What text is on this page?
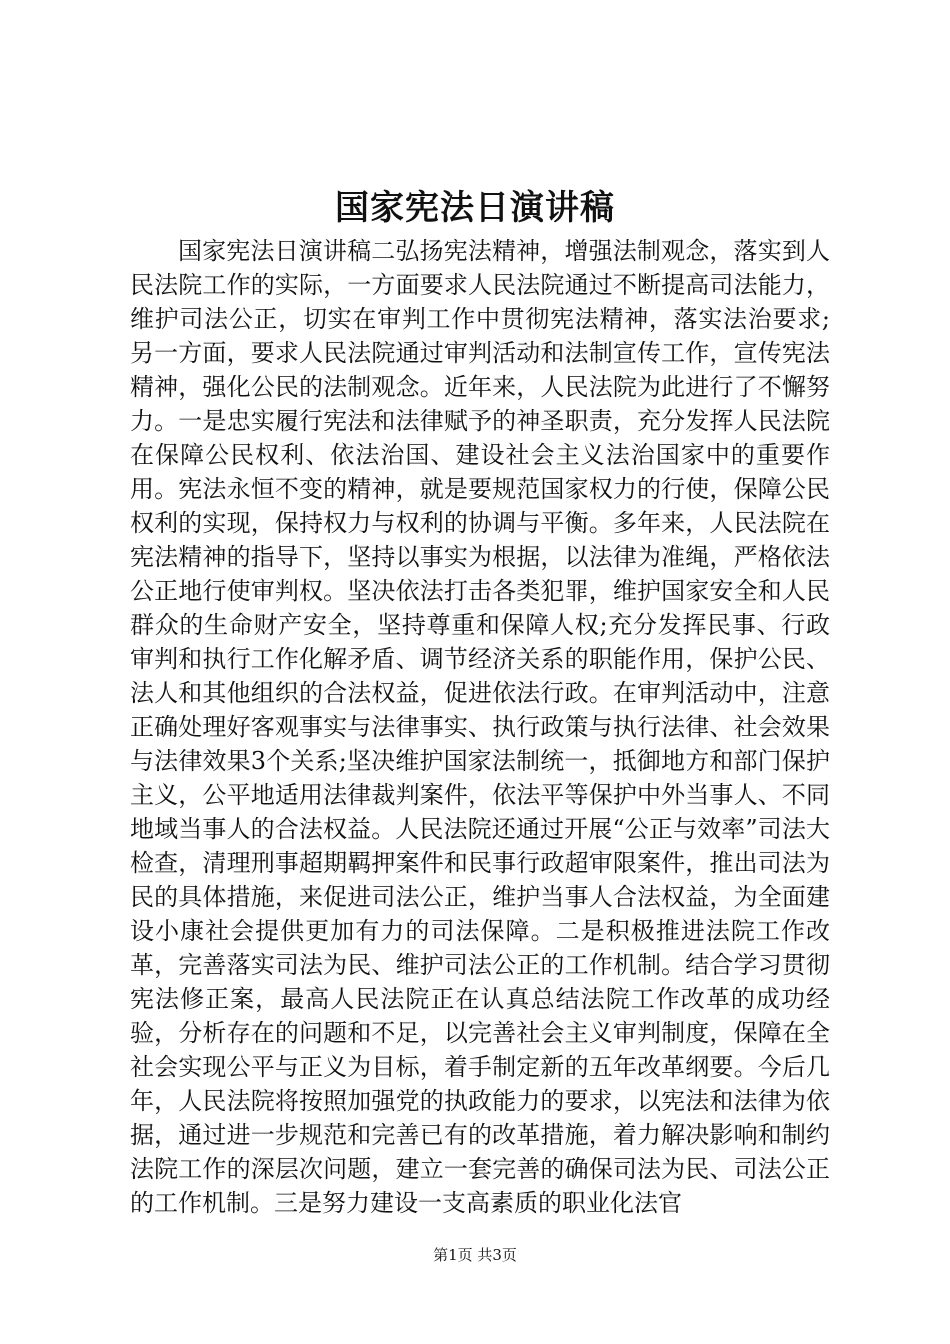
国家宪法日演讲稿

国家宪法日演讲稿二弘扬宪法精神，增强法制观念，落实到人民法院工作的实际，一方面要求人民法院通过不断提高司法能力，维护司法公正，切实在审判工作中贯彻宪法精神，落实法治要求;另一方面，要求人民法院通过审判活动和法制宣传工作，宣传宪法精神，强化公民的法制观念。近年来，人民法院为此进行了不懈努力。一是忠实履行宪法和法律赋予的神圣职责，充分发挥人民法院在保障公民权利、依法治国、建设社会主义法治国家中的重要作用。宪法永恒不变的精神，就是要规范国家权力的行使，保障公民权利的实现，保持权力与权利的协调与平衡。多年来，人民法院在宪法精神的指导下，坚持以事实为根据，以法律为准绳，严格依法公正地行使审判权。坚决依法打击各类犯罪，维护国家安全和人民群众的生命财产安全，坚持尊重和保障人权;充分发挥民事、行政审判和执行工作化解矛盾、调节经济关系的职能作用，保护公民、法人和其他组织的合法权益，促进依法行政。在审判活动中，注意正确处理好客观事实与法律事实、执行政策与执行法律、社会效果与法律效果3个关系;坚决维护国家法制统一，抵御地方和部门保护主义，公平地适用法律裁判案件，依法平等保护中外当事人、不同地域当事人的合法权益。人民法院还通过开展“公正与效率”司法大检查，清理刑事超期羁押案件和民事行政超审限案件，推出司法为民的具体措施，来促进司法公正，维护当事人合法权益，为全面建设小康社会提供更加有力的司法保障。二是积极推进法院工作改革，完善落实司法为民、维护司法公正的工作机制。结合学习贯彻宪法修正案，最高人民法院正在认真总结法院工作改革的成功经验，分析存在的问题和不足，以完善社会主义审判制度，保障在全社会实现公平与正义为目标，着手制定新的五年改革纲要。今后几年，人民法院将按照加强党的执政能力的要求，以宪法和法律为依据，通过进一步规范和完善已有的改革措施，着力解决影响和制约法院工作的深层次问题，建立一套完善的确保司法为民、司法公正的工作机制。三是努力建设一支高素质的职业化法官

第1页 共3页
